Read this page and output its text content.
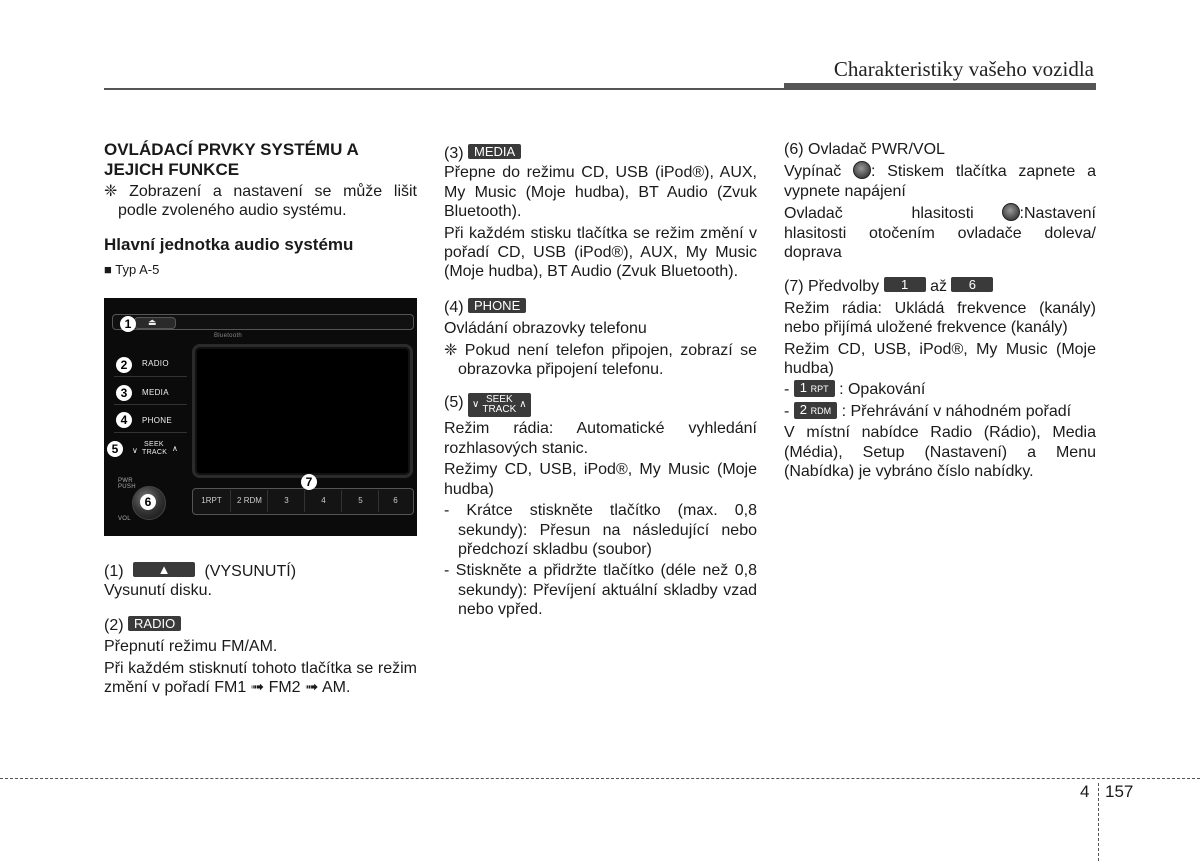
Charakteristiky vašeho vozidla

OVLÁDACÍ PRVKY SYSTÉMU A JEJICH FUNKCE

❈ Zobrazení a nastavení se může lišit podle zvoleného audio systému.

Hlavní jednotka audio systému

■ Typ A-5

⏏
Bluetooth
RADIO
MEDIA
PHONE
∨
SEEK
TRACK ∧
PWR
PUSH
VOL
1RPT	2 RDM	3	4	5	6
1
2
3
4
5
6
7

(1)	▲ (VYSUNUTÍ)

Vysunutí disku.

(2) RADIO

Přepnutí režimu FM/AM.

Při každém stisknutí tohoto tlačítka se režim změní v pořadí FM1 ➟ FM2 ➟ AM.

(3) MEDIA

Přepne do režimu CD, USB (iPod®), AUX, My Music (Moje hudba), BT Audio (Zvuk Bluetooth).

Při každém stisku tlačítka se režim změní v pořadí CD, USB (iPod®), AUX, My Music (Moje hudba), BT Audio (Zvuk Bluetooth).

(4) PHONE

Ovládání obrazovky telefonu

❈ Pokud není telefon připojen, zobrazí se obrazovka připojení telefonu.

(5) ∨ SEEK
TRACK ∧

Režim rádia: Automatické vyhledání rozhlasových stanic.

Režimy CD, USB, iPod®, My Music (Moje hudba)

- Krátce stiskněte tlačítko (max. 0,8 sekundy): Přesun na následující nebo předchozí skladbu (soubor)

- Stiskněte a přidržte tlačítko (déle než 0,8 sekundy): Převíjení aktuální skladby vzad nebo vpřed.

(6) Ovladač PWR/VOL

Vypínač : Stiskem tlačítka zapnete a vypnete napájení

Ovladač hlasitosti	:Nastavení hlasitosti otočením ovladače doleva/ doprava

(7) Předvolby 1 až 6

Režim rádia: Ukládá frekvence (kanály) nebo přijímá uložené frekvence (kanály)

Režim CD, USB, iPod®, My Music (Moje hudba)

- 1 RPT : Opakování

- 2 RDM : Přehrávání v náhodném pořadí

V místní nabídce Radio (Rádio), Media (Média), Setup (Nastavení) a Menu (Nabídka) je vybráno číslo nabídky.

4 157
